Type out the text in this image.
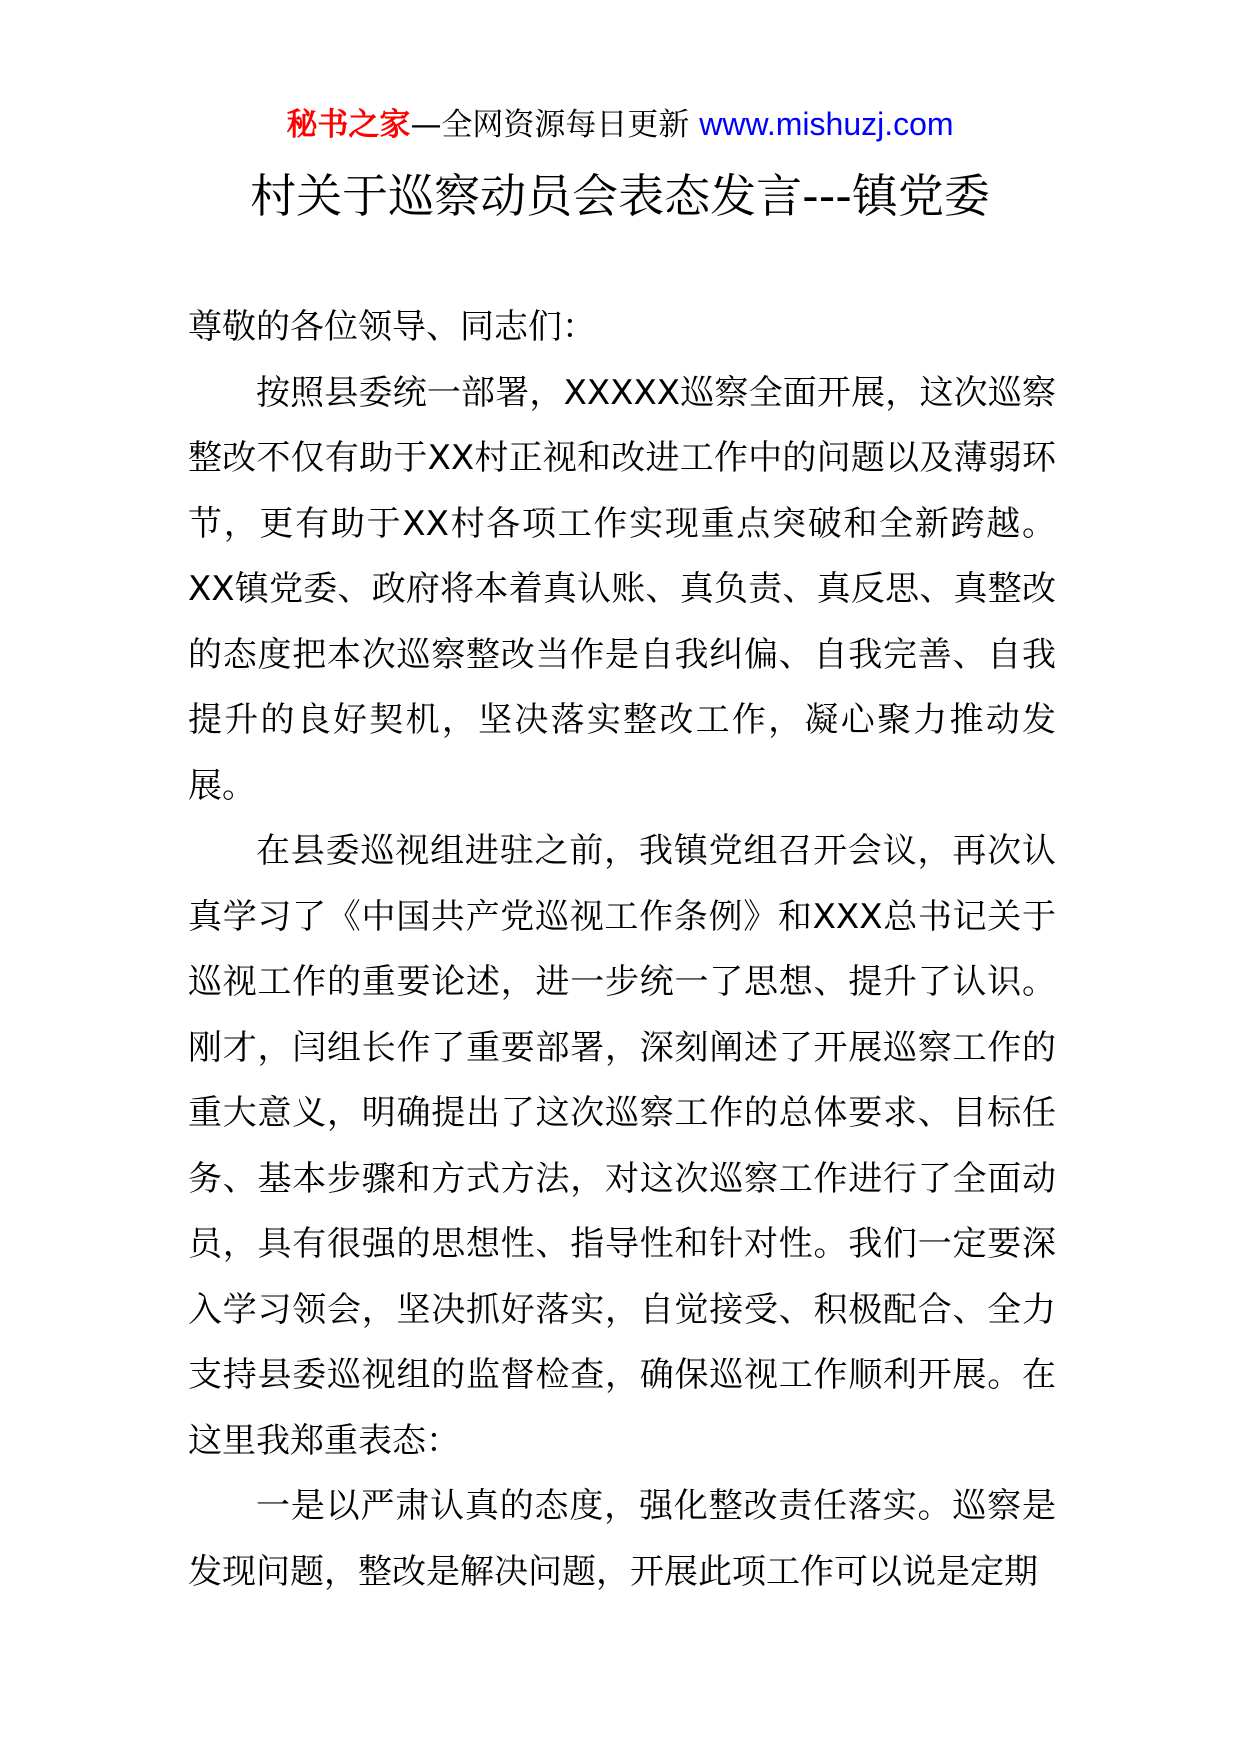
秘书之家—全网资源每日更新 www.mishuzj.com
村关于巡察动员会表态发言---镇党委

尊敬的各位领导、同志们：

按照县委统一部署，XXXXX巡察全面开展，这次巡察整改不仅有助于XX村正视和改进工作中的问题以及薄弱环节，更有助于XX村各项工作实现重点突破和全新跨越。XX镇党委、政府将本着真认账、真负责、真反思、真整改的态度把本次巡察整改当作是自我纠偏、自我完善、自我提升的良好契机，坚决落实整改工作，凝心聚力推动发展。

在县委巡视组进驻之前，我镇党组召开会议，再次认真学习了《中国共产党巡视工作条例》和XXX总书记关于巡视工作的重要论述，进一步统一了思想、提升了认识。刚才，闫组长作了重要部署，深刻阐述了开展巡察工作的重大意义，明确提出了这次巡察工作的总体要求、目标任务、基本步骤和方式方法，对这次巡察工作进行了全面动员，具有很强的思想性、指导性和针对性。我们一定要深入学习领会，坚决抓好落实，自觉接受、积极配合、全力支持县委巡视组的监督检查，确保巡视工作顺利开展。在这里我郑重表态：

一是以严肃认真的态度，强化整改责任落实。巡察是发现问题，整改是解决问题，开展此项工作可以说是定期
